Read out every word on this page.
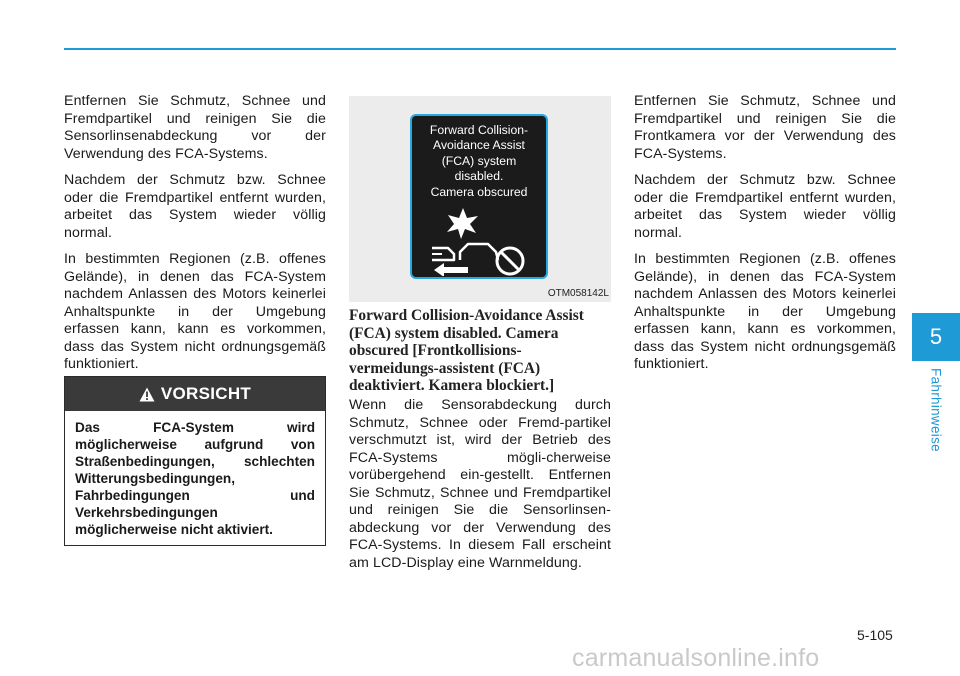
Entfernen Sie Schmutz, Schnee und Fremdpartikel und reinigen Sie die Sensorlinsenabdeckung vor der Verwendung des FCA-Systems.

Nachdem der Schmutz bzw. Schnee oder die Fremdpartikel entfernt wurden, arbeitet das System wieder völlig normal.

In bestimmten Regionen (z.B. offenes Gelände), in denen das FCA-System nachdem Anlassen des Motors keinerlei Anhaltspunkte in der Umgebung erfassen kann, kann es vorkommen, dass das System nicht ordnungsgemäß funktioniert.

VORSICHT
Das FCA-System wird möglicherweise aufgrund von Straßenbedingungen, schlechten Witterungsbedingungen, Fahrbedingungen und Verkehrsbedingungen möglicherweise nicht aktiviert.
Forward Collision-
Avoidance Assist
(FCA) system
disabled.
Camera obscured
OTM058142L

Forward Collision-Avoidance Assist (FCA) system disabled. Camera obscured [Frontkollisions-vermeidungs-assistent (FCA) deaktiviert. Kamera blockiert.]

Wenn die Sensorabdeckung durch Schmutz, Schnee oder Fremd-partikel verschmutzt ist, wird der Betrieb des FCA-Systems mögli-cherweise vorübergehend ein-gestellt. Entfernen Sie Schmutz, Schnee und Fremdpartikel und reinigen Sie die Sensorlinsen-abdeckung vor der Verwendung des FCA-Systems. In diesem Fall erscheint am LCD-Display eine Warnmeldung.

Entfernen Sie Schmutz, Schnee und Fremdpartikel und reinigen Sie die Frontkamera vor der Verwendung des FCA-Systems.

Nachdem der Schmutz bzw. Schnee oder die Fremdpartikel entfernt wurden, arbeitet das System wieder völlig normal.

In bestimmten Regionen (z.B. offenes Gelände), in denen das FCA-System nachdem Anlassen des Motors keinerlei Anhaltspunkte in der Umgebung erfassen kann, kann es vorkommen, dass das System nicht ordnungsgemäß funktioniert.

5
Fahrhinweise
5-105
carmanualsonline.info
